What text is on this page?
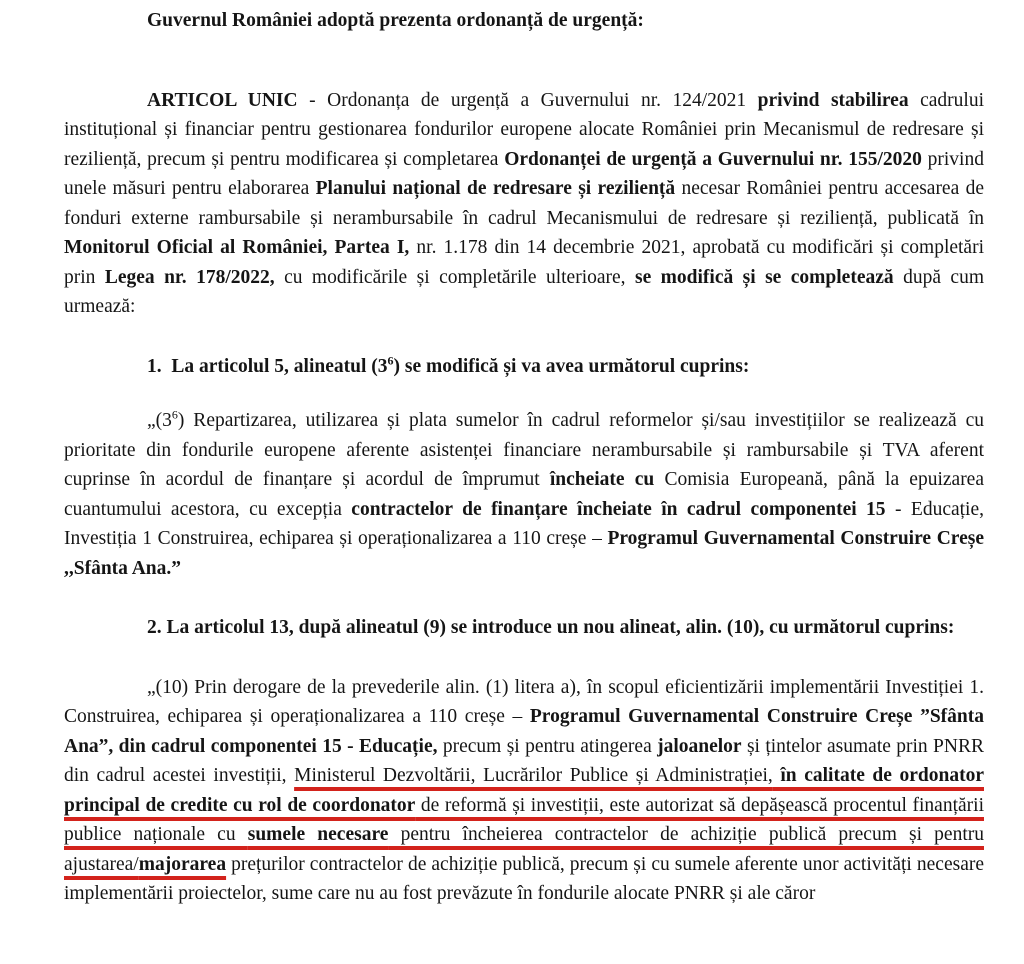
Guvernul României adoptă prezenta ordonanță de urgență:

ARTICOL UNIC - Ordonanța de urgență a Guvernului nr. 124/2021 privind stabilirea cadrului instituțional și financiar pentru gestionarea fondurilor europene alocate României prin Mecanismul de redresare și reziliență, precum și pentru modificarea și completarea Ordonanței de urgență a Guvernului nr. 155/2020 privind unele măsuri pentru elaborarea Planului național de redresare și reziliență necesar României pentru accesarea de fonduri externe rambursabile și nerambursabile în cadrul Mecanismului de redresare și reziliență, publicată în Monitorul Oficial al României, Partea I, nr. 1.178 din 14 decembrie 2021, aprobată cu modificări și completări prin Legea nr. 178/2022, cu modificările și completările ulterioare, se modifică și se completează după cum urmează:

1.  La articolul 5, alineatul $(3^6)$ se modifică și va avea următorul cuprins:

$„(3^6)$ Repartizarea, utilizarea și plata sumelor în cadrul reformelor și/sau investițiilor se realizează cu prioritate din fondurile europene aferente asistenței financiare nerambursabile și rambursabile și TVA aferent cuprinse în acordul de finanțare și acordul de împrumut încheiate cu Comisia Europeană, până la epuizarea cuantumului acestora, cu excepția contractelor de finanțare încheiate în cadrul componentei 15 - Educație, Investiția 1 Construirea, echiparea și operaționalizarea a 110 creșe – Programul Guvernamental Construire Creșe ,,Sfânta Ana.”

2. La articolul 13, după alineatul (9) se introduce un nou alineat, alin. (10), cu următorul cuprins:

„(10) Prin derogare de la prevederile alin. (1) litera a), în scopul eficientizării implementării Investiției 1. Construirea, echiparea și operaționalizarea a 110 creșe – Programul Guvernamental Construire Creșe ”Sfânta Ana”, din cadrul componentei 15 - Educație, precum și pentru atingerea jaloanelor și țintelor asumate prin PNRR din cadrul acestei investiții, Ministerul Dezvoltării, Lucrărilor Publice și Administrației, în calitate de ordonator principal de credite cu rol de coordonator de reformă și investiții, este autorizat să depășească procentul finanțării publice naționale cu sumele necesare pentru încheierea contractelor de achiziție publică precum și pentru ajustarea/majorarea prețurilor contractelor de achiziție publică, precum și cu sumele aferente unor activități necesare implementării proiectelor, sume care nu au fost prevăzute în fondurile alocate PNRR și ale căror
